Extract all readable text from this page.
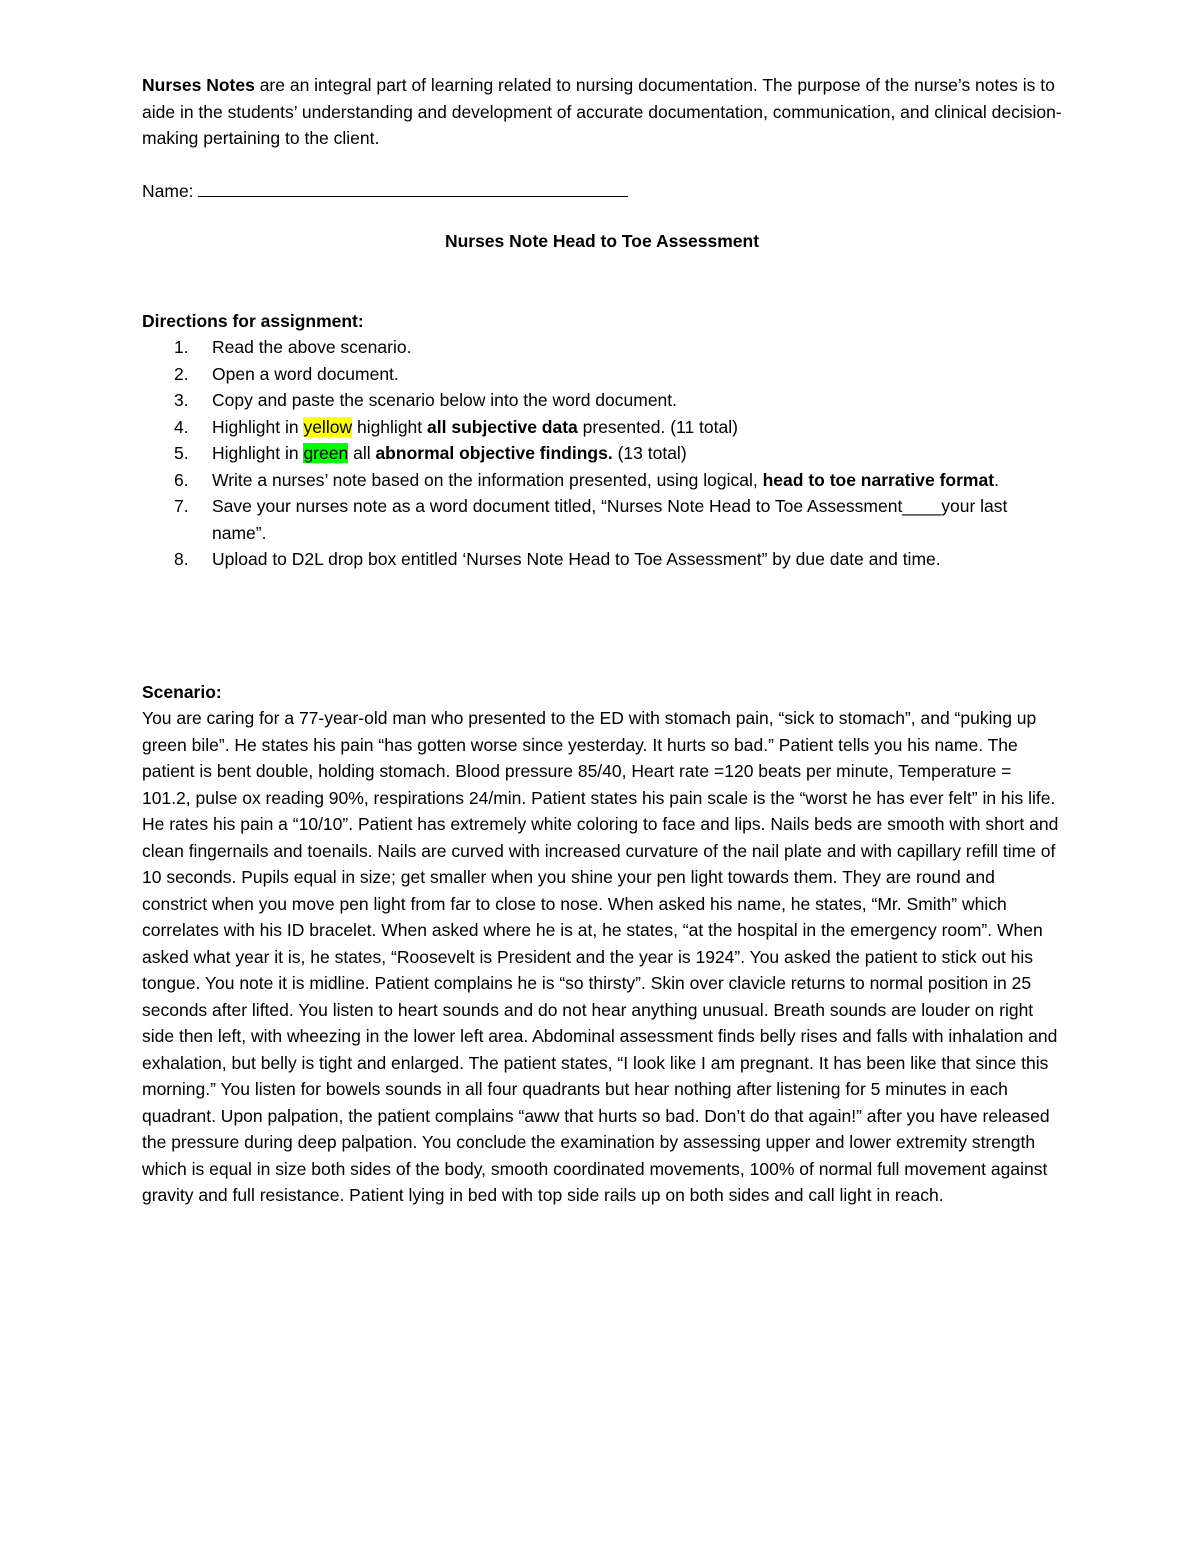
Nurses Notes are an integral part of learning related to nursing documentation. The purpose of the nurse’s notes is to aide in the students’ understanding and development of accurate documentation, communication, and clinical decision-making pertaining to the client.

Name:

Nurses Note Head to Toe Assessment

Directions for assignment:

1. Read the above scenario.
2. Open a word document.
3. Copy and paste the scenario below into the word document.
4. Highlight in yellow highlight all subjective data presented. (11 total)
5. Highlight in green all abnormal objective findings. (13 total)
6. Write a nurses’ note based on the information presented, using logical, head to toe narrative format.
7. Save your nurses note as a word document titled, “Nurses Note Head to Toe Assessment____your last name”.
8. Upload to D2L drop box entitled ‘Nurses Note Head to Toe Assessment” by due date and time.

Scenario:

You are caring for a 77-year-old man who presented to the ED with stomach pain, “sick to stomach”, and “puking up green bile”. He states his pain “has gotten worse since yesterday. It hurts so bad.” Patient tells you his name. The patient is bent double, holding stomach. Blood pressure 85/40, Heart rate =120 beats per minute, Temperature = 101.2, pulse ox reading 90%, respirations 24/min. Patient states his pain scale is the “worst he has ever felt” in his life. He rates his pain a “10/10”. Patient has extremely white coloring to face and lips. Nails beds are smooth with short and clean fingernails and toenails. Nails are curved with increased curvature of the nail plate and with capillary refill time of 10 seconds. Pupils equal in size; get smaller when you shine your pen light towards them. They are round and constrict when you move pen light from far to close to nose. When asked his name, he states, “Mr. Smith” which correlates with his ID bracelet. When asked where he is at, he states, “at the hospital in the emergency room”. When asked what year it is, he states, “Roosevelt is President and the year is 1924”. You asked the patient to stick out his tongue. You note it is midline. Patient complains he is “so thirsty”. Skin over clavicle returns to normal position in 25 seconds after lifted. You listen to heart sounds and do not hear anything unusual. Breath sounds are louder on right side then left, with wheezing in the lower left area. Abdominal assessment finds belly rises and falls with inhalation and exhalation, but belly is tight and enlarged. The patient states, “I look like I am pregnant. It has been like that since this morning.” You listen for bowels sounds in all four quadrants but hear nothing after listening for 5 minutes in each quadrant. Upon palpation, the patient complains “aww that hurts so bad. Don’t do that again!” after you have released the pressure during deep palpation. You conclude the examination by assessing upper and lower extremity strength which is equal in size both sides of the body, smooth coordinated movements, 100% of normal full movement against gravity and full resistance. Patient lying in bed with top side rails up on both sides and call light in reach.
